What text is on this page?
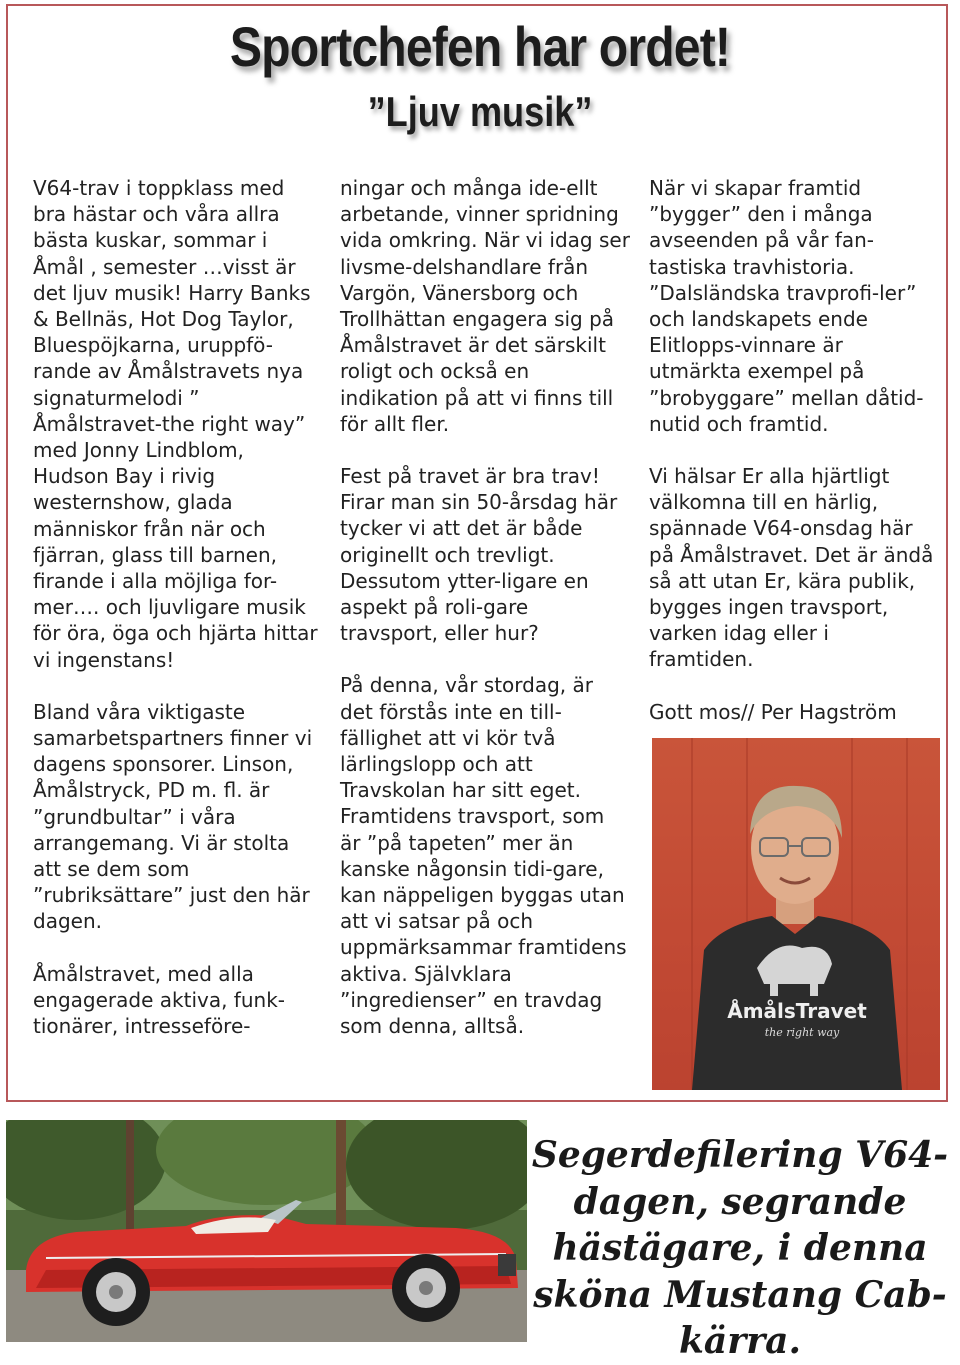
Sportchefen har ordet!
”Ljuv musik”

V64-trav i toppklass med bra hästar och våra allra bästa kuskar, sommar i Åmål , semester …visst är det ljuv musik! Harry Banks & Bellnäs, Hot Dog Taylor, Bluespöjkarna, uruppfö-rande av Åmålstravets nya signaturmelodi ” Åmålstravet-the right way” med Jonny Lindblom, Hudson Bay i rivig westernshow, glada människor från när och fjärran, glass till barnen, firande i alla möjliga for-mer…. och ljuvligare musik för öra, öga och hjärta hittar vi ingenstans!

Bland våra viktigaste samarbetspartners finner vi dagens sponsorer. Linson, Åmålstryck, PD m. fl. är ”grundbultar” i våra arrangemang. Vi är stolta att se dem som ”rubriksättare” just den här dagen.

Åmålstravet, med alla engagerade aktiva, funk-tionärer, intresseföre-

ningar och många ide-ellt arbetande, vinner spridning vida omkring. När vi idag ser livsme-delshandlare från Vargön, Vänersborg och Trollhättan engagera sig på Åmålstravet är det särskilt roligt och också en indikation på att vi finns till för allt fler.

Fest på travet är bra trav! Firar man sin 50-årsdag här tycker vi att det är både originellt och trevligt. Dessutom ytter-ligare en aspekt på roli-gare travsport, eller hur?

På denna, vår stordag, är det förstås inte en till-fällighet att vi kör två lärlingslopp och att Travskolan har sitt eget. Framtidens travsport, som är ”på tapeten” mer än kanske någonsin tidi-gare, kan näppeligen byggas utan att vi satsar på och uppmärksammar framtidens aktiva. Självklara ”ingredienser” en travdag som denna, alltså.

När vi skapar framtid ”bygger” den i många avseenden på vår fan-tastiska travhistoria. ”Dalsländska travprofi-ler” och landskapets ende Elitlopps-vinnare är utmärkta exempel på ”brobyggare” mellan dåtid-nutid och framtid.

Vi hälsar Er alla hjärtligt välkomna till en härlig, spännade V64-onsdag här på Åmålstravet. Det är ändå så att utan Er, kära publik, bygges ingen travsport, varken idag eller i framtiden.

Gott mos// Per Hagström

ÅmålsTravet
the right way
Segerdefilering V64-dagen, segrande hästägare, i denna sköna Mustang Cab-kärra.
